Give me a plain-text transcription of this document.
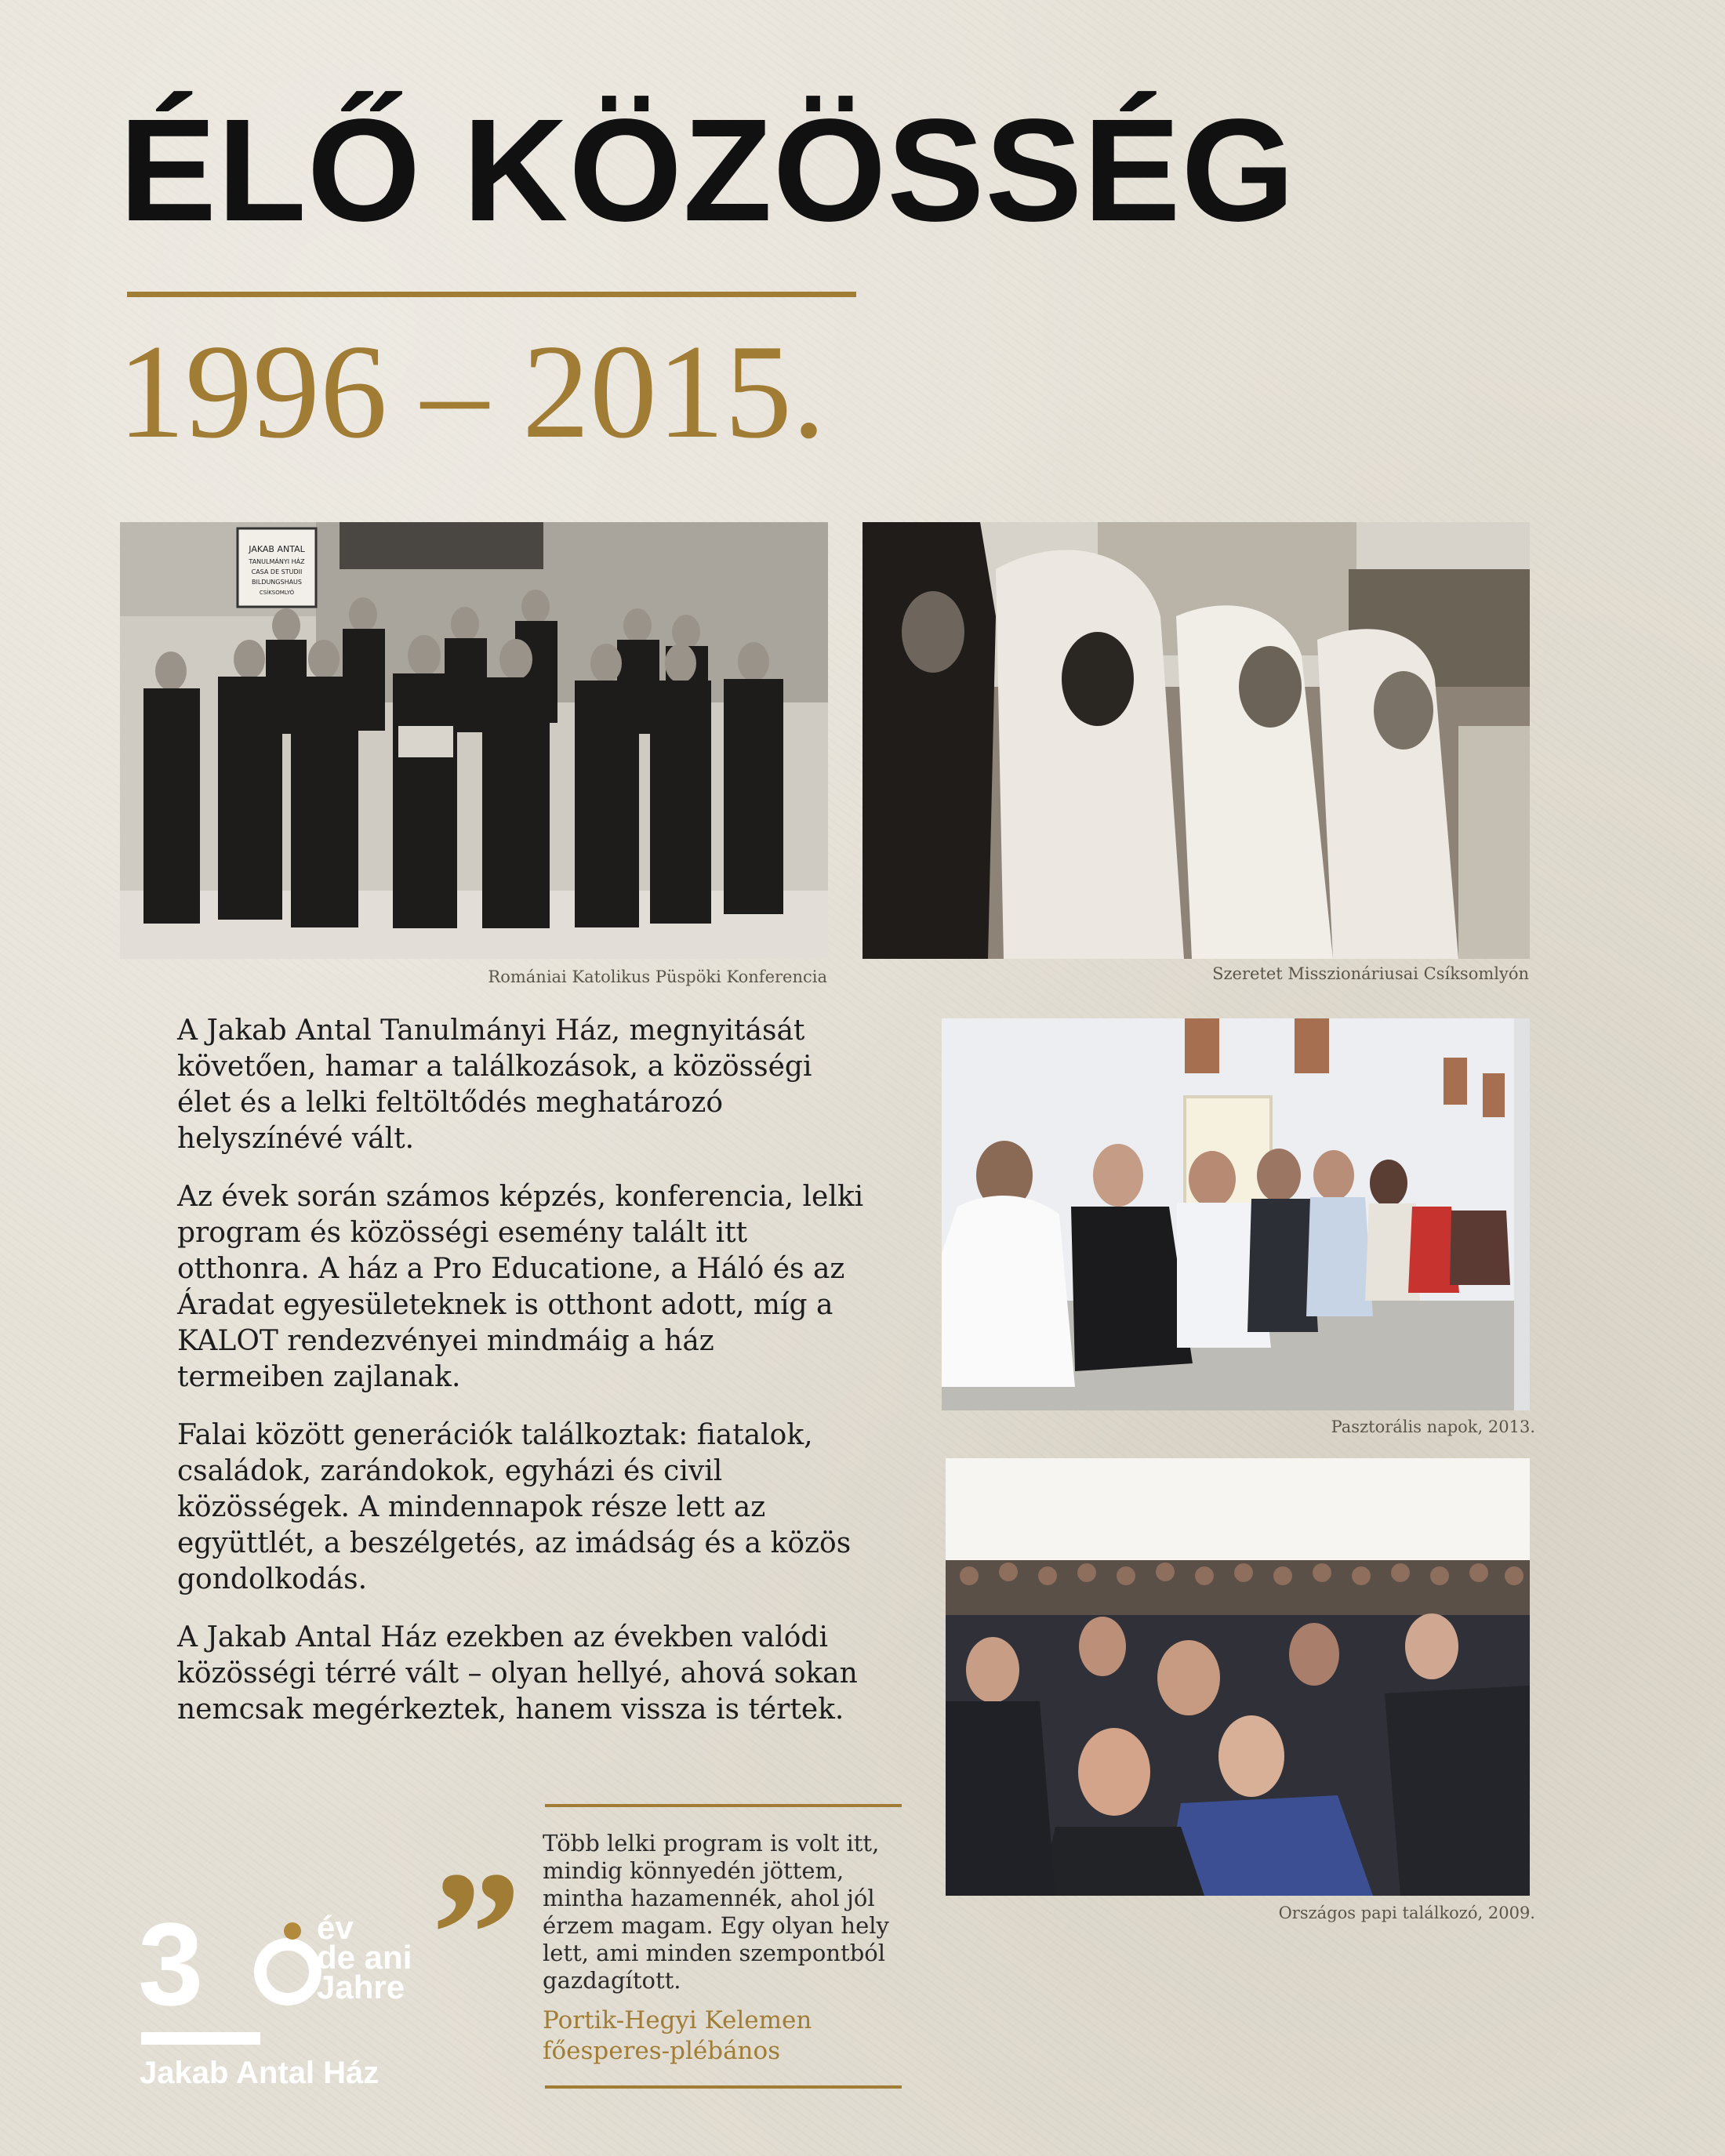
ÉLŐ KÖZÖSSÉG
1996 – 2015.
JAKAB ANTAL
TANULMÁNYI HÁZ
CASA DE STUDII
BILDUNGSHAUS
CSÍKSOMLYÓ
Romániai Katolikus Püspöki Konferencia	Szeretet Misszionáriusai Csíksomlyón

A Jakab Antal Tanulmányi Ház, megnyitását követően, hamar a találkozások, a közösségi élet és a lelki feltöltődés meghatározó helyszínévé vált.

Az évek során számos képzés, konferencia, lelki program és közösségi esemény talált itt otthonra. A ház a Pro Educatione, a Háló és az Áradat egyesületeknek is otthont adott, míg a KALOT rendezvényei mindmáig a ház termeiben zajlanak.

Falai között generációk találkoztak: fiatalok, családok, zarándokok, egyházi és civil közösségek. A mindennapok része lett az együttlét, a beszélgetés, az imádság és a közös gondolkodás.

A Jakab Antal Ház ezekben az években valódi közösségi térré vált – olyan hellyé, ahová sokan nemcsak megérkeztek, hanem vissza is tértek.

Pasztorális napok, 2013.
Országos papi találkozó, 2009.
„ Több lelki program is volt itt, mindig könnyedén jöttem, mintha hazamennék, ahol jól érzem magam. Egy olyan hely lett, ami minden szempontból gazdagított.
Portik-Hegyi Kelemen
főesperes-plébános
3	év
de ani
Jahre
Jakab Antal Ház
